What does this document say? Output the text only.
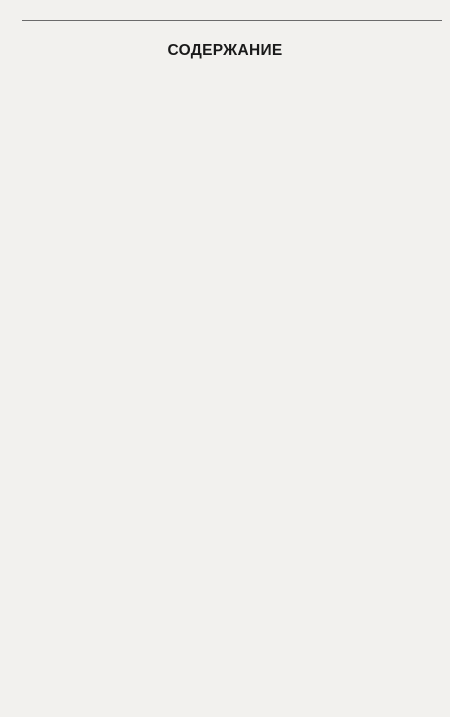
СОДЕРЖАНИЕ
